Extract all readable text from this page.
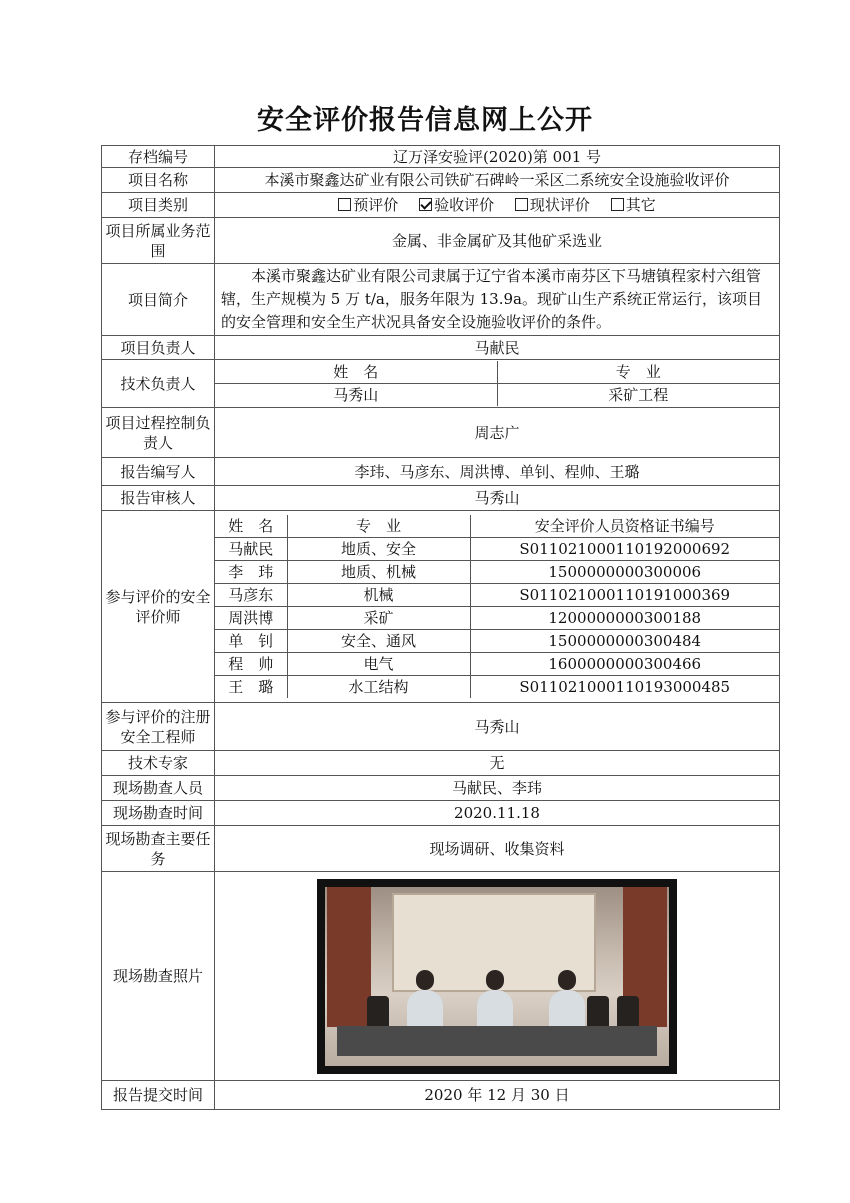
安全评价报告信息网上公开
存档编号	辽万泽安验评(2020)第 001 号
项目名称	本溪市聚鑫达矿业有限公司铁矿石碑岭一采区二系统安全设施验收评价
项目类别	预评价 验收评价 现状评价 其它
项目所属业务范围	金属、非金属矿及其他矿采选业
项目简介	本溪市聚鑫达矿业有限公司隶属于辽宁省本溪市南芬区下马塘镇程家村六组管辖，生产规模为 5 万 t/a，服务年限为 13.9a。现矿山生产系统正常运行，该项目的安全管理和安全生产状况具备安全设施验收评价的条件。
项目负责人	马献民
技术负责人	
姓　名	专　业
马秀山	采矿工程

项目过程控制负责人	周志广
报告编写人	李玮、马彦东、周洪博、单钊、程帅、王璐
报告审核人	马秀山
参与评价的安全评价师	
姓　名	专　业	安全评价人员资格证书编号
马献民	地质、安全	S011021000110192000692
李　玮	地质、机械	1500000000300006
马彦东	机械	S011021000110191000369
周洪博	采矿	1200000000300188
单　钊	安全、通风	1500000000300484
程　帅	电气	1600000000300466
王　璐	水工结构	S011021000110193000485

参与评价的注册安全工程师	马秀山
技术专家	无
现场勘查人员	马献民、李玮
现场勘查时间	2020.11.18
现场勘查主要任务	现场调研、收集资料
现场勘查照片	

报告提交时间	2020 年 12 月 30 日
